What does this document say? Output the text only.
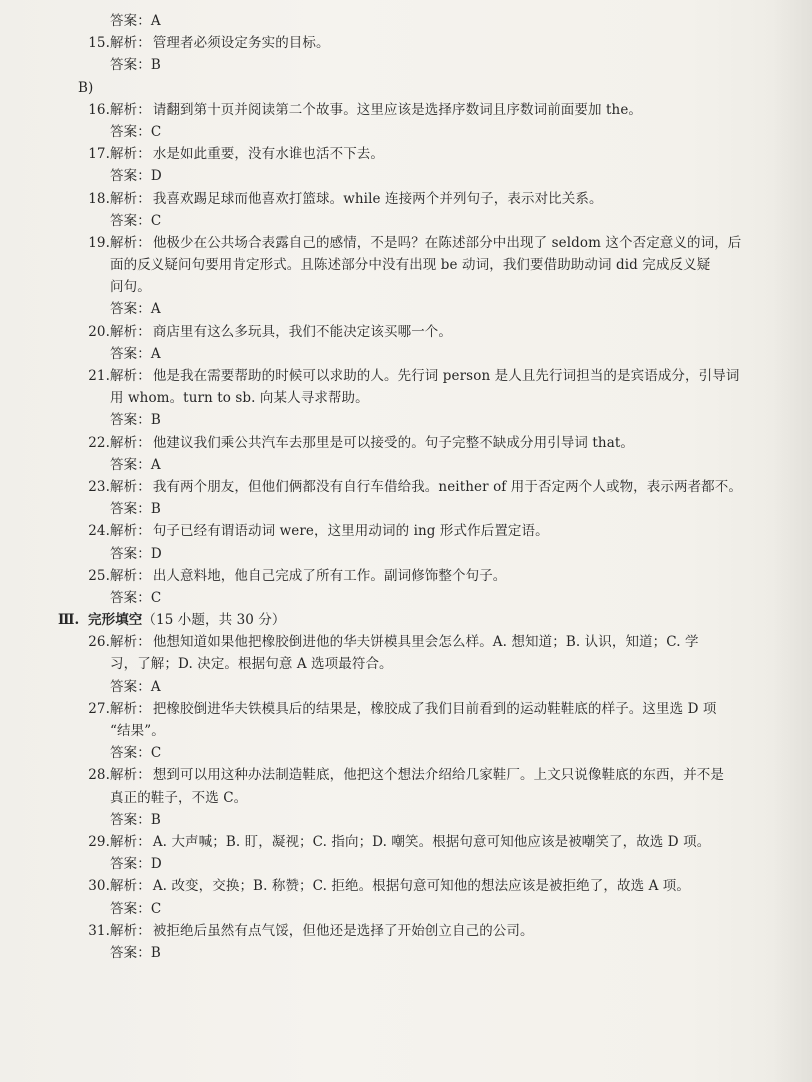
答案：A
15.解析： 管理者必须设定务实的目标。
答案：B
B)
16.解析： 请翻到第十页并阅读第二个故事。这里应该是选择序数词且序数词前面要加 the。
答案：C
17.解析： 水是如此重要，没有水谁也活不下去。
答案：D
18.解析： 我喜欢踢足球而他喜欢打篮球。while 连接两个并列句子，表示对比关系。
答案：C
19.解析： 他极少在公共场合表露自己的感情，不是吗？在陈述部分中出现了 seldom 这个否定意义的词，后
面的反义疑问句要用肯定形式。且陈述部分中没有出现 be 动词，我们要借助助动词 did 完成反义疑
问句。
答案：A
20.解析： 商店里有这么多玩具，我们不能决定该买哪一个。
答案：A
21.解析： 他是我在需要帮助的时候可以求助的人。先行词 person 是人且先行词担当的是宾语成分，引导词
用 whom。turn to sb. 向某人寻求帮助。
答案：B
22.解析： 他建议我们乘公共汽车去那里是可以接受的。句子完整不缺成分用引导词 that。
答案：A
23.解析： 我有两个朋友，但他们俩都没有自行车借给我。neither of 用于否定两个人或物，表示两者都不。
答案：B
24.解析： 句子已经有谓语动词 were，这里用动词的 ing 形式作后置定语。
答案：D
25.解析： 出人意料地，他自己完成了所有工作。副词修饰整个句子。
答案：C
Ⅲ. 完形填空（15 小题，共 30 分）
26.解析： 他想知道如果他把橡胶倒进他的华夫饼模具里会怎么样。A. 想知道；B. 认识，知道；C. 学
习，了解；D. 决定。根据句意 A 选项最符合。
答案：A
27.解析： 把橡胶倒进华夫铁模具后的结果是，橡胶成了我们目前看到的运动鞋鞋底的样子。这里选 D 项
“结果”。
答案：C
28.解析： 想到可以用这种办法制造鞋底，他把这个想法介绍给几家鞋厂。上文只说像鞋底的东西，并不是
真正的鞋子，不选 C。
答案：B
29.解析： A. 大声喊；B. 盯，凝视；C. 指向；D. 嘲笑。根据句意可知他应该是被嘲笑了，故选 D 项。
答案：D
30.解析： A. 改变，交换；B. 称赞；C. 拒绝。根据句意可知他的想法应该是被拒绝了，故选 A 项。
答案：C
31.解析： 被拒绝后虽然有点气馁，但他还是选择了开始创立自己的公司。
答案：B
